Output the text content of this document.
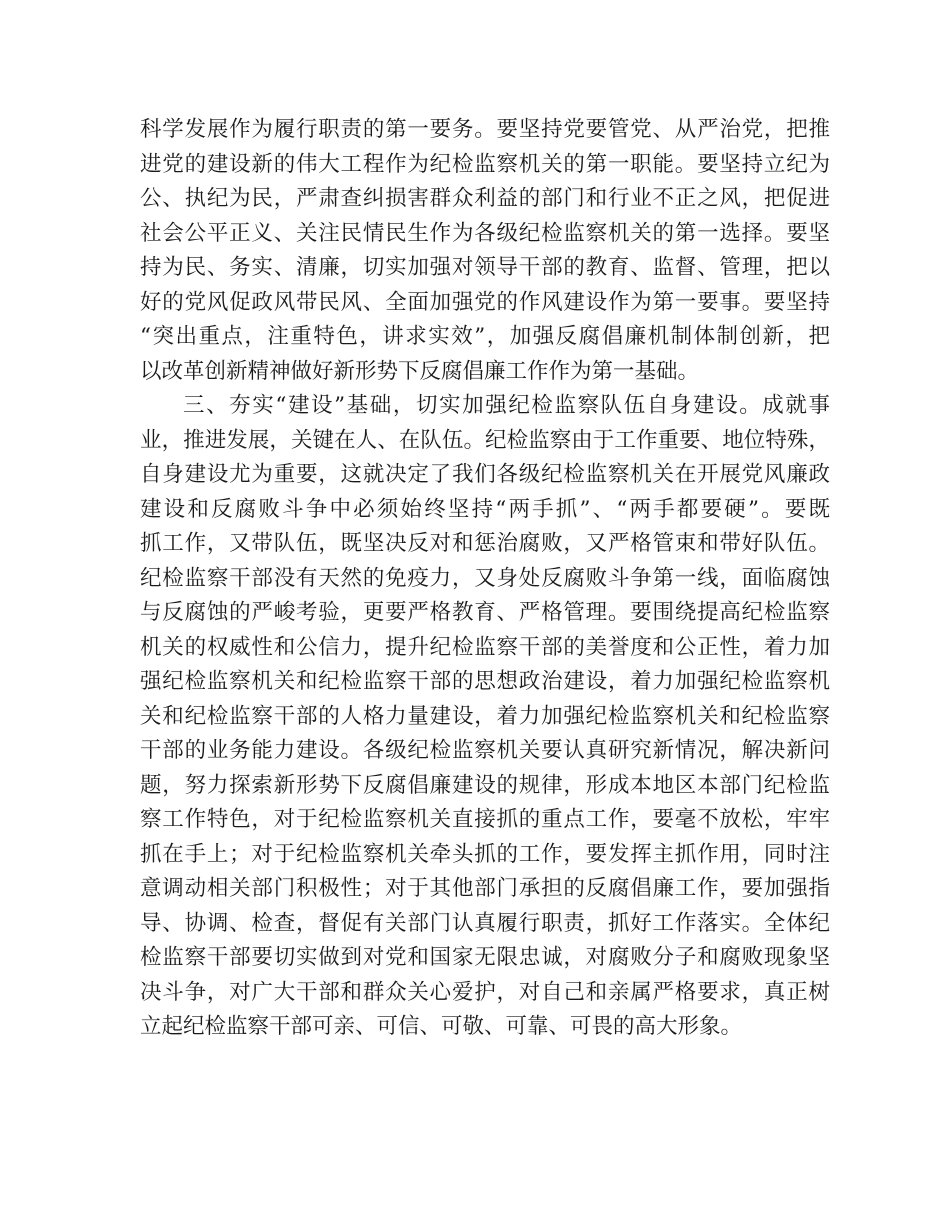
科学发展作为履行职责的第一要务。要坚持党要管党、从严治党，把推
进党的建设新的伟大工程作为纪检监察机关的第一职能。要坚持立纪为
公、执纪为民，严肃查纠损害群众利益的部门和行业不正之风，把促进
社会公平正义、关注民情民生作为各级纪检监察机关的第一选择。要坚
持为民、务实、清廉，切实加强对领导干部的教育、监督、管理，把以
好的党风促政风带民风、全面加强党的作风建设作为第一要事。要坚持
“突出重点，注重特色，讲求实效”，加强反腐倡廉机制体制创新，把
以改革创新精神做好新形势下反腐倡廉工作作为第一基础。
三、夯实“建设”基础，切实加强纪检监察队伍自身建设。成就事
业，推进发展，关键在人、在队伍。纪检监察由于工作重要、地位特殊，
自身建设尤为重要，这就决定了我们各级纪检监察机关在开展党风廉政
建设和反腐败斗争中必须始终坚持“两手抓”、“两手都要硬”。要既
抓工作，又带队伍，既坚决反对和惩治腐败，又严格管束和带好队伍。
纪检监察干部没有天然的免疫力，又身处反腐败斗争第一线，面临腐蚀
与反腐蚀的严峻考验，更要严格教育、严格管理。要围绕提高纪检监察
机关的权威性和公信力，提升纪检监察干部的美誉度和公正性，着力加
强纪检监察机关和纪检监察干部的思想政治建设，着力加强纪检监察机
关和纪检监察干部的人格力量建设，着力加强纪检监察机关和纪检监察
干部的业务能力建设。各级纪检监察机关要认真研究新情况，解决新问
题，努力探索新形势下反腐倡廉建设的规律，形成本地区本部门纪检监
察工作特色，对于纪检监察机关直接抓的重点工作，要毫不放松，牢牢
抓在手上；对于纪检监察机关牵头抓的工作，要发挥主抓作用，同时注
意调动相关部门积极性；对于其他部门承担的反腐倡廉工作，要加强指
导、协调、检查，督促有关部门认真履行职责，抓好工作落实。全体纪
检监察干部要切实做到对党和国家无限忠诚，对腐败分子和腐败现象坚
决斗争，对广大干部和群众关心爱护，对自己和亲属严格要求，真正树
立起纪检监察干部可亲、可信、可敬、可靠、可畏的高大形象。
